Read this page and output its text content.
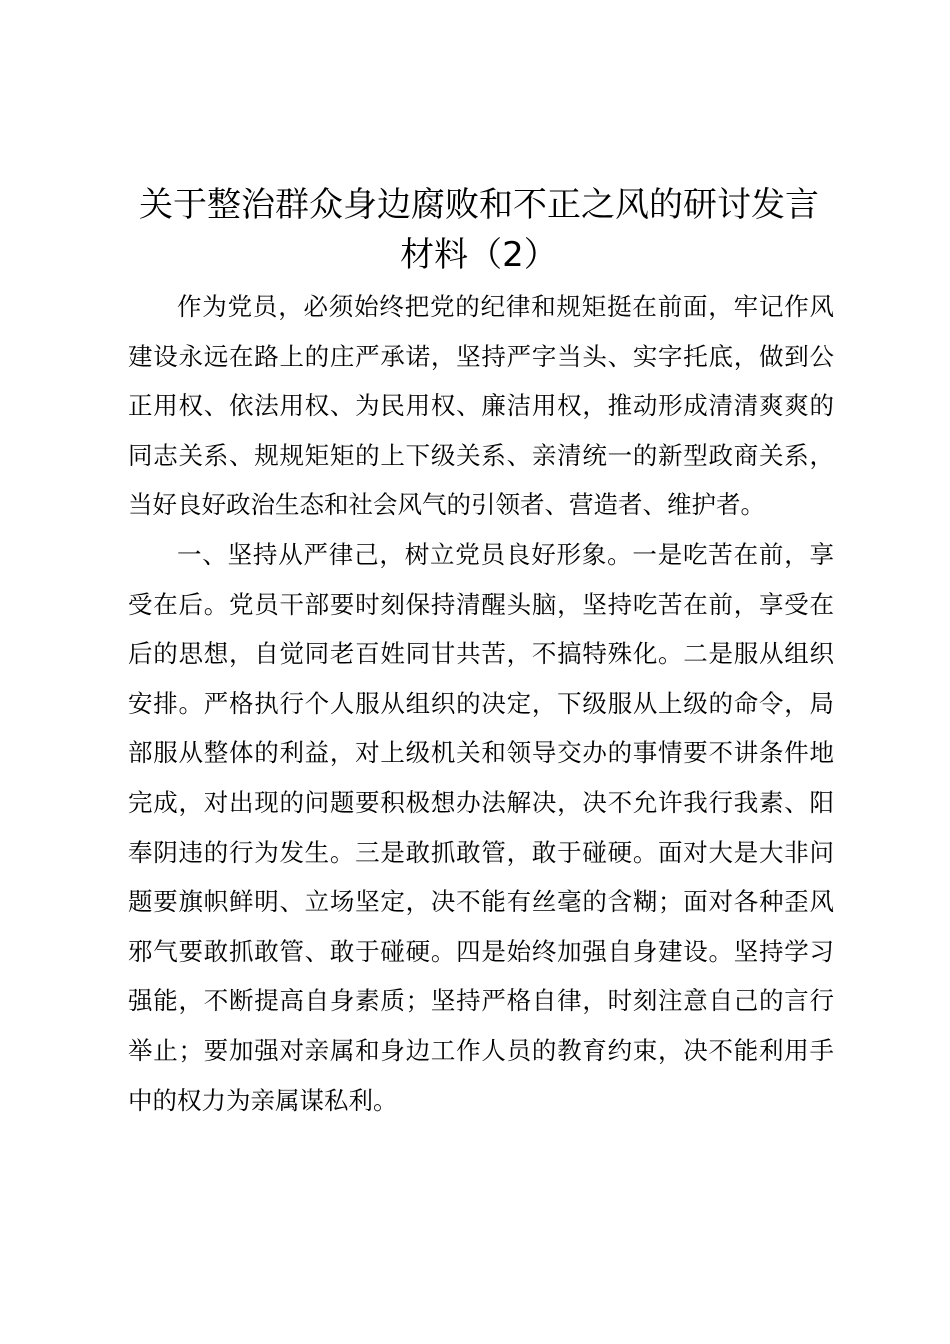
关于整治群众身边腐败和不正之风的研讨发言
材料（2）

作为党员，必须始终把党的纪律和规矩挺在前面，牢记作风建设永远在路上的庄严承诺，坚持严字当头、实字托底，做到公正用权、依法用权、为民用权、廉洁用权，推动形成清清爽爽的同志关系、规规矩矩的上下级关系、亲清统一的新型政商关系，当好良好政治生态和社会风气的引领者、营造者、维护者。

一、坚持从严律己，树立党员良好形象。一是吃苦在前，享受在后。党员干部要时刻保持清醒头脑，坚持吃苦在前，享受在后的思想，自觉同老百姓同甘共苦，不搞特殊化。二是服从组织安排。严格执行个人服从组织的决定，下级服从上级的命令，局部服从整体的利益，对上级机关和领导交办的事情要不讲条件地完成，对出现的问题要积极想办法解决，决不允许我行我素、阳奉阴违的行为发生。三是敢抓敢管，敢于碰硬。面对大是大非问题要旗帜鲜明、立场坚定，决不能有丝毫的含糊；面对各种歪风邪气要敢抓敢管、敢于碰硬。四是始终加强自身建设。坚持学习强能，不断提高自身素质；坚持严格自律，时刻注意自己的言行举止；要加强对亲属和身边工作人员的教育约束，决不能利用手中的权力为亲属谋私利。
